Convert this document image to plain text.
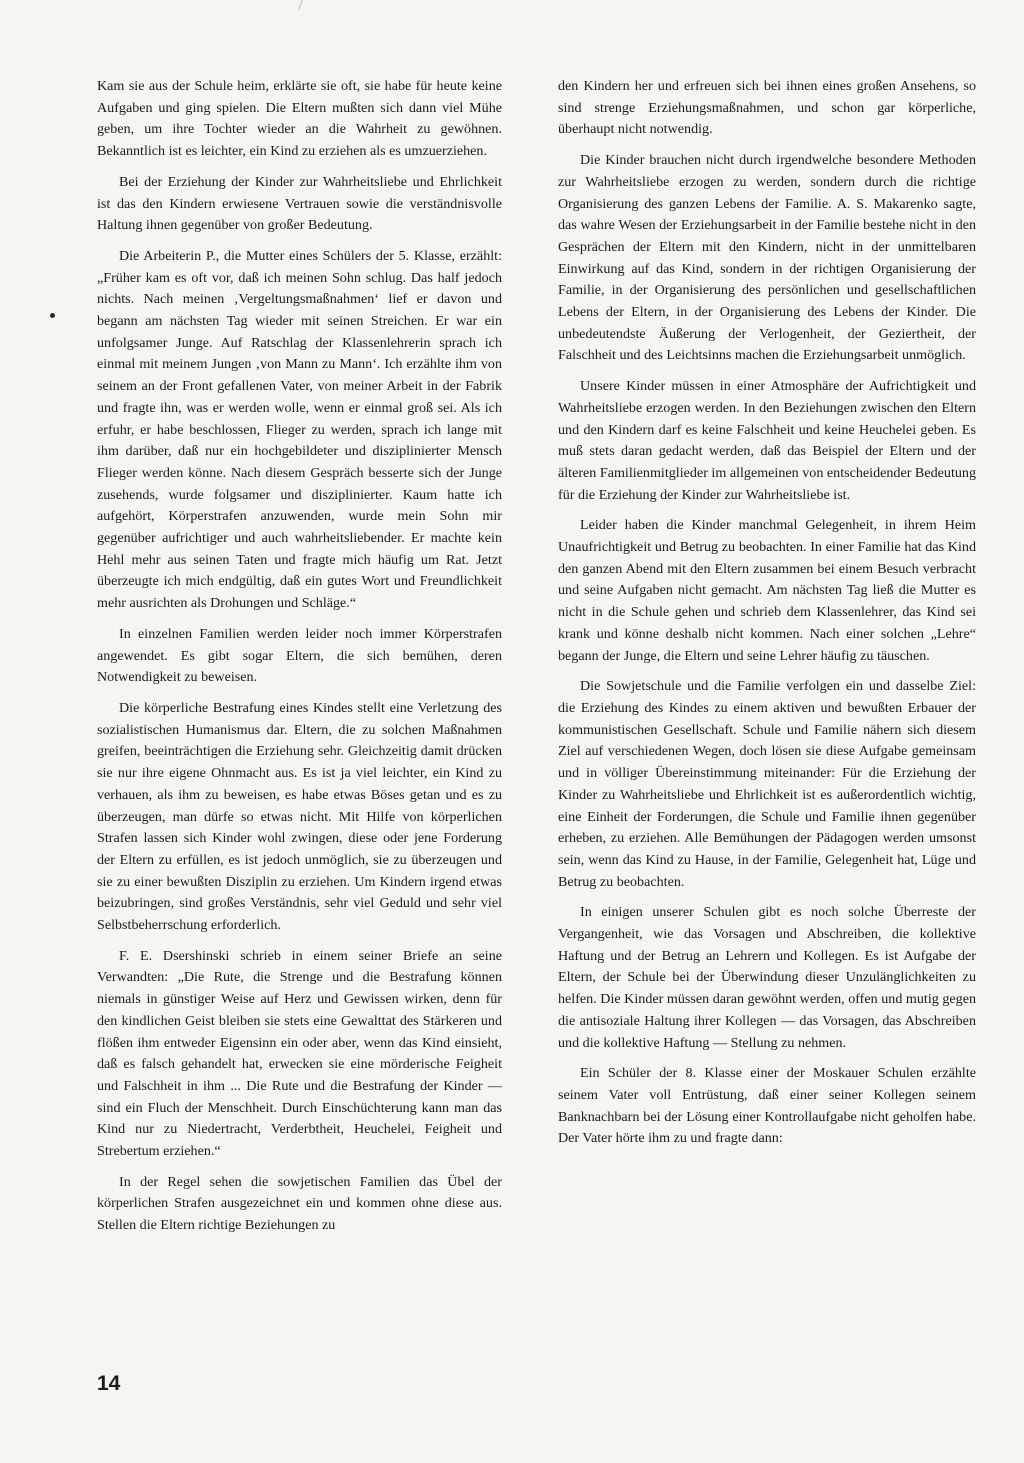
Kam sie aus der Schule heim, erklärte sie oft, sie habe für heute keine Aufgaben und ging spielen. Die Eltern mußten sich dann viel Mühe geben, um ihre Tochter wieder an die Wahrheit zu gewöhnen. Bekanntlich ist es leichter, ein Kind zu erziehen als es umzuerziehen.

Bei der Erziehung der Kinder zur Wahrheitsliebe und Ehrlichkeit ist das den Kindern erwiesene Vertrauen sowie die verständnisvolle Haltung ihnen gegenüber von großer Bedeutung.

Die Arbeiterin P., die Mutter eines Schülers der 5. Klasse, erzählt: „Früher kam es oft vor, daß ich meinen Sohn schlug. Das half jedoch nichts. Nach meinen ‚Vergeltungsmaßnahmen‘ lief er davon und begann am nächsten Tag wieder mit seinen Streichen. Er war ein unfolgsamer Junge. Auf Ratschlag der Klassenlehrerin sprach ich einmal mit meinem Jungen ‚von Mann zu Mann‘. Ich erzählte ihm von seinem an der Front gefallenen Vater, von meiner Arbeit in der Fabrik und fragte ihn, was er werden wolle, wenn er einmal groß sei. Als ich erfuhr, er habe beschlossen, Flieger zu werden, sprach ich lange mit ihm darüber, daß nur ein hochgebildeter und disziplinierter Mensch Flieger werden könne. Nach diesem Gespräch besserte sich der Junge zusehends, wurde folgsamer und disziplinierter. Kaum hatte ich aufgehört, Körperstrafen anzuwenden, wurde mein Sohn mir gegenüber aufrichtiger und auch wahrheitsliebender. Er machte kein Hehl mehr aus seinen Taten und fragte mich häufig um Rat. Jetzt überzeugte ich mich endgültig, daß ein gutes Wort und Freundlichkeit mehr ausrichten als Drohungen und Schläge.“

In einzelnen Familien werden leider noch immer Körperstrafen angewendet. Es gibt sogar Eltern, die sich bemühen, deren Notwendigkeit zu beweisen.

Die körperliche Bestrafung eines Kindes stellt eine Verletzung des sozialistischen Humanismus dar. Eltern, die zu solchen Maßnahmen greifen, beeinträchtigen die Erziehung sehr. Gleichzeitig damit drücken sie nur ihre eigene Ohnmacht aus. Es ist ja viel leichter, ein Kind zu verhauen, als ihm zu beweisen, es habe etwas Böses getan und es zu überzeugen, man dürfe so etwas nicht. Mit Hilfe von körperlichen Strafen lassen sich Kinder wohl zwingen, diese oder jene Forderung der Eltern zu erfüllen, es ist jedoch unmöglich, sie zu überzeugen und sie zu einer bewußten Disziplin zu erziehen. Um Kindern irgend etwas beizubringen, sind großes Verständnis, sehr viel Geduld und sehr viel Selbstbeherrschung erforderlich.

F. E. Dsershinski schrieb in einem seiner Briefe an seine Verwandten: „Die Rute, die Strenge und die Bestrafung können niemals in günstiger Weise auf Herz und Gewissen wirken, denn für den kindlichen Geist bleiben sie stets eine Gewalttat des Stärkeren und flößen ihm entweder Eigensinn ein oder aber, wenn das Kind einsieht, daß es falsch gehandelt hat, erwecken sie eine mörderische Feigheit und Falschheit in ihm ... Die Rute und die Bestrafung der Kinder — sind ein Fluch der Menschheit. Durch Einschüchterung kann man das Kind nur zu Niedertracht, Verderbtheit, Heuchelei, Feigheit und Strebertum erziehen.“

In der Regel sehen die sowjetischen Familien das Übel der körperlichen Strafen ausgezeichnet ein und kommen ohne diese aus. Stellen die Eltern richtige Beziehungen zu

den Kindern her und erfreuen sich bei ihnen eines großen Ansehens, so sind strenge Erziehungsmaßnahmen, und schon gar körperliche, überhaupt nicht notwendig.

Die Kinder brauchen nicht durch irgendwelche besondere Methoden zur Wahrheitsliebe erzogen zu werden, sondern durch die richtige Organisierung des ganzen Lebens der Familie. A. S. Makarenko sagte, das wahre Wesen der Erziehungsarbeit in der Familie bestehe nicht in den Gesprächen der Eltern mit den Kindern, nicht in der unmittelbaren Einwirkung auf das Kind, sondern in der richtigen Organisierung der Familie, in der Organisierung des persönlichen und gesellschaftlichen Lebens der Eltern, in der Organisierung des Lebens der Kinder. Die unbedeutendste Äußerung der Verlogenheit, der Geziertheit, der Falschheit und des Leichtsinns machen die Erziehungsarbeit unmöglich.

Unsere Kinder müssen in einer Atmosphäre der Aufrichtigkeit und Wahrheitsliebe erzogen werden. In den Beziehungen zwischen den Eltern und den Kindern darf es keine Falschheit und keine Heuchelei geben. Es muß stets daran gedacht werden, daß das Beispiel der Eltern und der älteren Familienmitglieder im allgemeinen von entscheidender Bedeutung für die Erziehung der Kinder zur Wahrheitsliebe ist.

Leider haben die Kinder manchmal Gelegenheit, in ihrem Heim Unaufrichtigkeit und Betrug zu beobachten. In einer Familie hat das Kind den ganzen Abend mit den Eltern zusammen bei einem Besuch verbracht und seine Aufgaben nicht gemacht. Am nächsten Tag ließ die Mutter es nicht in die Schule gehen und schrieb dem Klassenlehrer, das Kind sei krank und könne deshalb nicht kommen. Nach einer solchen „Lehre“ begann der Junge, die Eltern und seine Lehrer häufig zu täuschen.

Die Sowjetschule und die Familie verfolgen ein und dasselbe Ziel: die Erziehung des Kindes zu einem aktiven und bewußten Erbauer der kommunistischen Gesellschaft. Schule und Familie nähern sich diesem Ziel auf verschiedenen Wegen, doch lösen sie diese Aufgabe gemeinsam und in völliger Übereinstimmung miteinander: Für die Erziehung der Kinder zu Wahrheitsliebe und Ehrlichkeit ist es außerordentlich wichtig, eine Einheit der Forderungen, die Schule und Familie ihnen gegenüber erheben, zu erziehen. Alle Bemühungen der Pädagogen werden umsonst sein, wenn das Kind zu Hause, in der Familie, Gelegenheit hat, Lüge und Betrug zu beobachten.

In einigen unserer Schulen gibt es noch solche Überreste der Vergangenheit, wie das Vorsagen und Abschreiben, die kollektive Haftung und der Betrug an Lehrern und Kollegen. Es ist Aufgabe der Eltern, der Schule bei der Überwindung dieser Unzulänglichkeiten zu helfen. Die Kinder müssen daran gewöhnt werden, offen und mutig gegen die antisoziale Haltung ihrer Kollegen — das Vorsagen, das Abschreiben und die kollektive Haftung — Stellung zu nehmen.

Ein Schüler der 8. Klasse einer der Moskauer Schulen erzählte seinem Vater voll Entrüstung, daß einer seiner Kollegen seinem Banknachbarn bei der Lösung einer Kontrollaufgabe nicht geholfen habe. Der Vater hörte ihm zu und fragte dann:

14
